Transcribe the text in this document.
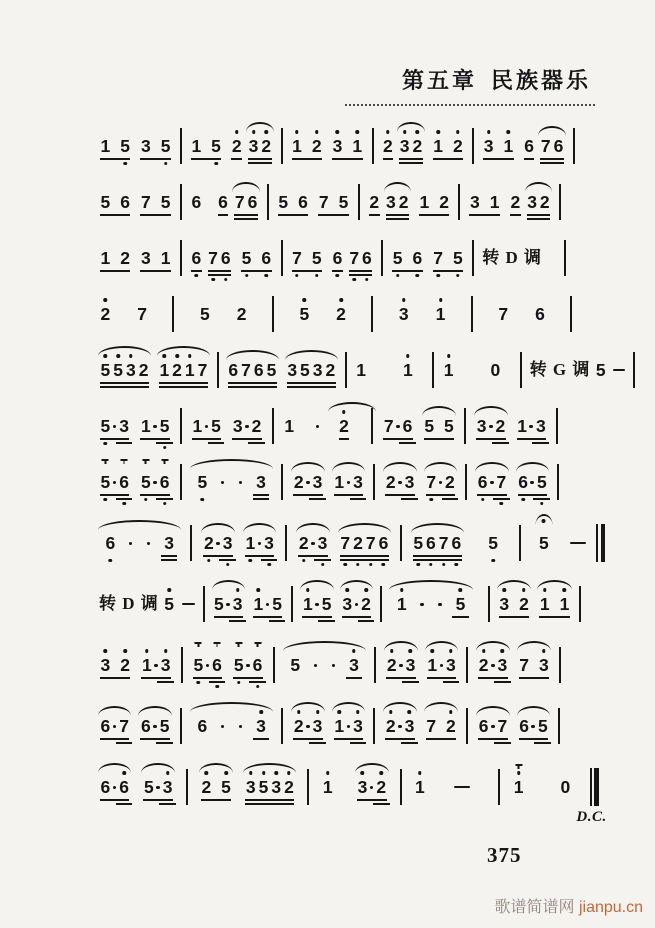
第五章 民族器乐
1 5 3 5 1 5 2 3 2 1 2 3 1 2 3 2 1 2 3 1 6 7 6
5 6 7 5 6 6 7 6 5 6 7 5 2 3 2 1 2 3 1 2 3 2
1 2 3 1 6 7 6 5 6 7 5 6 7 6 5 6 7 5 转 D 调
2 7	5 2	5 2	3 1	7 6
5 5 3 2 1 2 1 7 6 7 6 5 3 5 3 2 1 1 1 0 转 G 调 5
5 3 1 5 1 5 3 2 1	2 7 6 5 5 3 2 1 3
5 6 5 6 5	3 2 3 1 3 2 3 7 2 6 7 6 5
6	3 2 3 1 3 2 3 7 2 7 6 5 6 7 6 5 5
转 D 调 5 5 3 1 5 1 5 3 2 1	5 3 2 1 1
3 2 1 3 5 6 5 6 5	3 2 3 1 3 2 3 7 3
6 7 6 5 6	3 2 3 1 3 2 3 7 2 6 7 6 5
6 6 5 3 2 5 3 5 3 2 1 3 2 1	1 0
D.C.
375
歌谱简谱网 jianpu.cn
